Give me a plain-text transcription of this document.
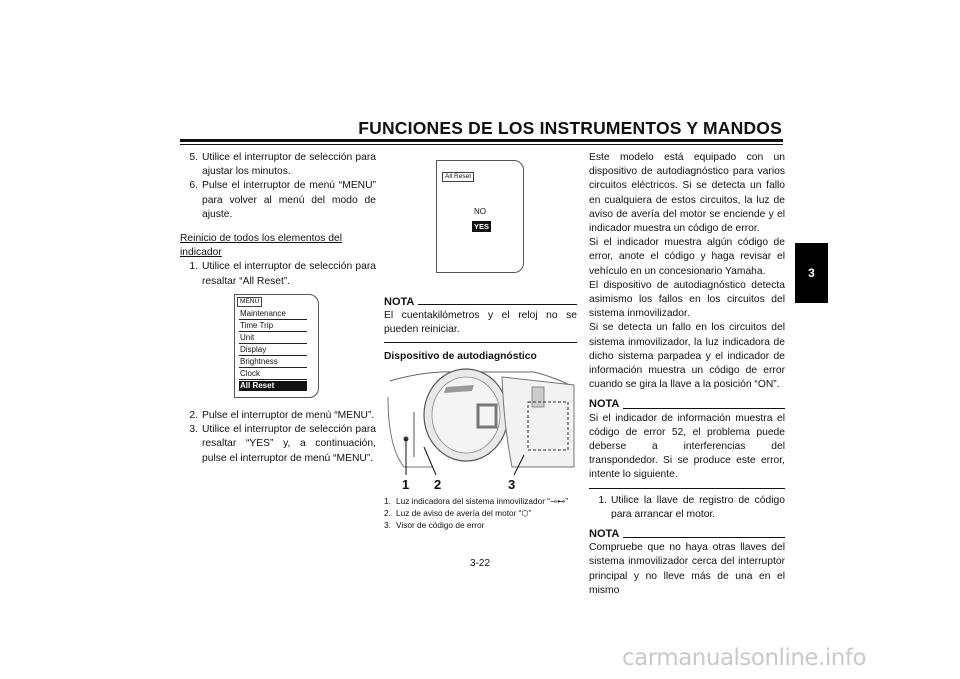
FUNCIONES DE LOS INSTRUMENTOS Y MANDOS
3
5. Utilice el interruptor de selección para ajustar los minutos.
6. Pulse el interruptor de menú “MENU” para volver al menú del modo de ajuste.
Reinicio de todos los elementos del indicador
1. Utilice el interruptor de selección para resaltar “All Reset”.
MENU
Maintenance
Time Trip
Unit
Display
Brightness
Clock
All Reset
2. Pulse el interruptor de menú “MENU”.
3. Utilice el interruptor de selección para resaltar “YES” y, a continuación, pulse el interruptor de menú “MENU”.
All Reset
NO
YES
NOTA
El cuentakilómetros y el reloj no se pueden reiniciar.
Dispositivo de autodiagnóstico
1 2	3
1. Luz indicadora del sistema inmovilizador “⊸⊷”
2. Luz de aviso de avería del motor “⬡”
3. Visor de código de error
3-22
Este modelo está equipado con un dispositivo de autodiagnóstico para varios circuitos eléctricos. Si se detecta un fallo en cualquiera de estos circuitos, la luz de aviso de avería del motor se enciende y el indicador muestra un código de error.
Si el indicador muestra algún código de error, anote el código y haga revisar el vehículo en un concesionario Yamaha.
El dispositivo de autodiagnóstico detecta asimismo los fallos en los circuitos del sistema inmovilizador.
Si se detecta un fallo en los circuitos del sistema inmovilizador, la luz indicadora de dicho sistema parpadea y el indicador de información muestra un código de error cuando se gira la llave a la posición “ON”.
NOTA
Si el indicador de información muestra el código de error 52, el problema puede deberse a interferencias del transpondedor. Si se produce este error, intente lo siguiente.
1. Utilice la llave de registro de código para arrancar el motor.
NOTA
Compruebe que no haya otras llaves del sistema inmovilizador cerca del interruptor principal y no lleve más de una en el mismo
carmanualsonline.info
